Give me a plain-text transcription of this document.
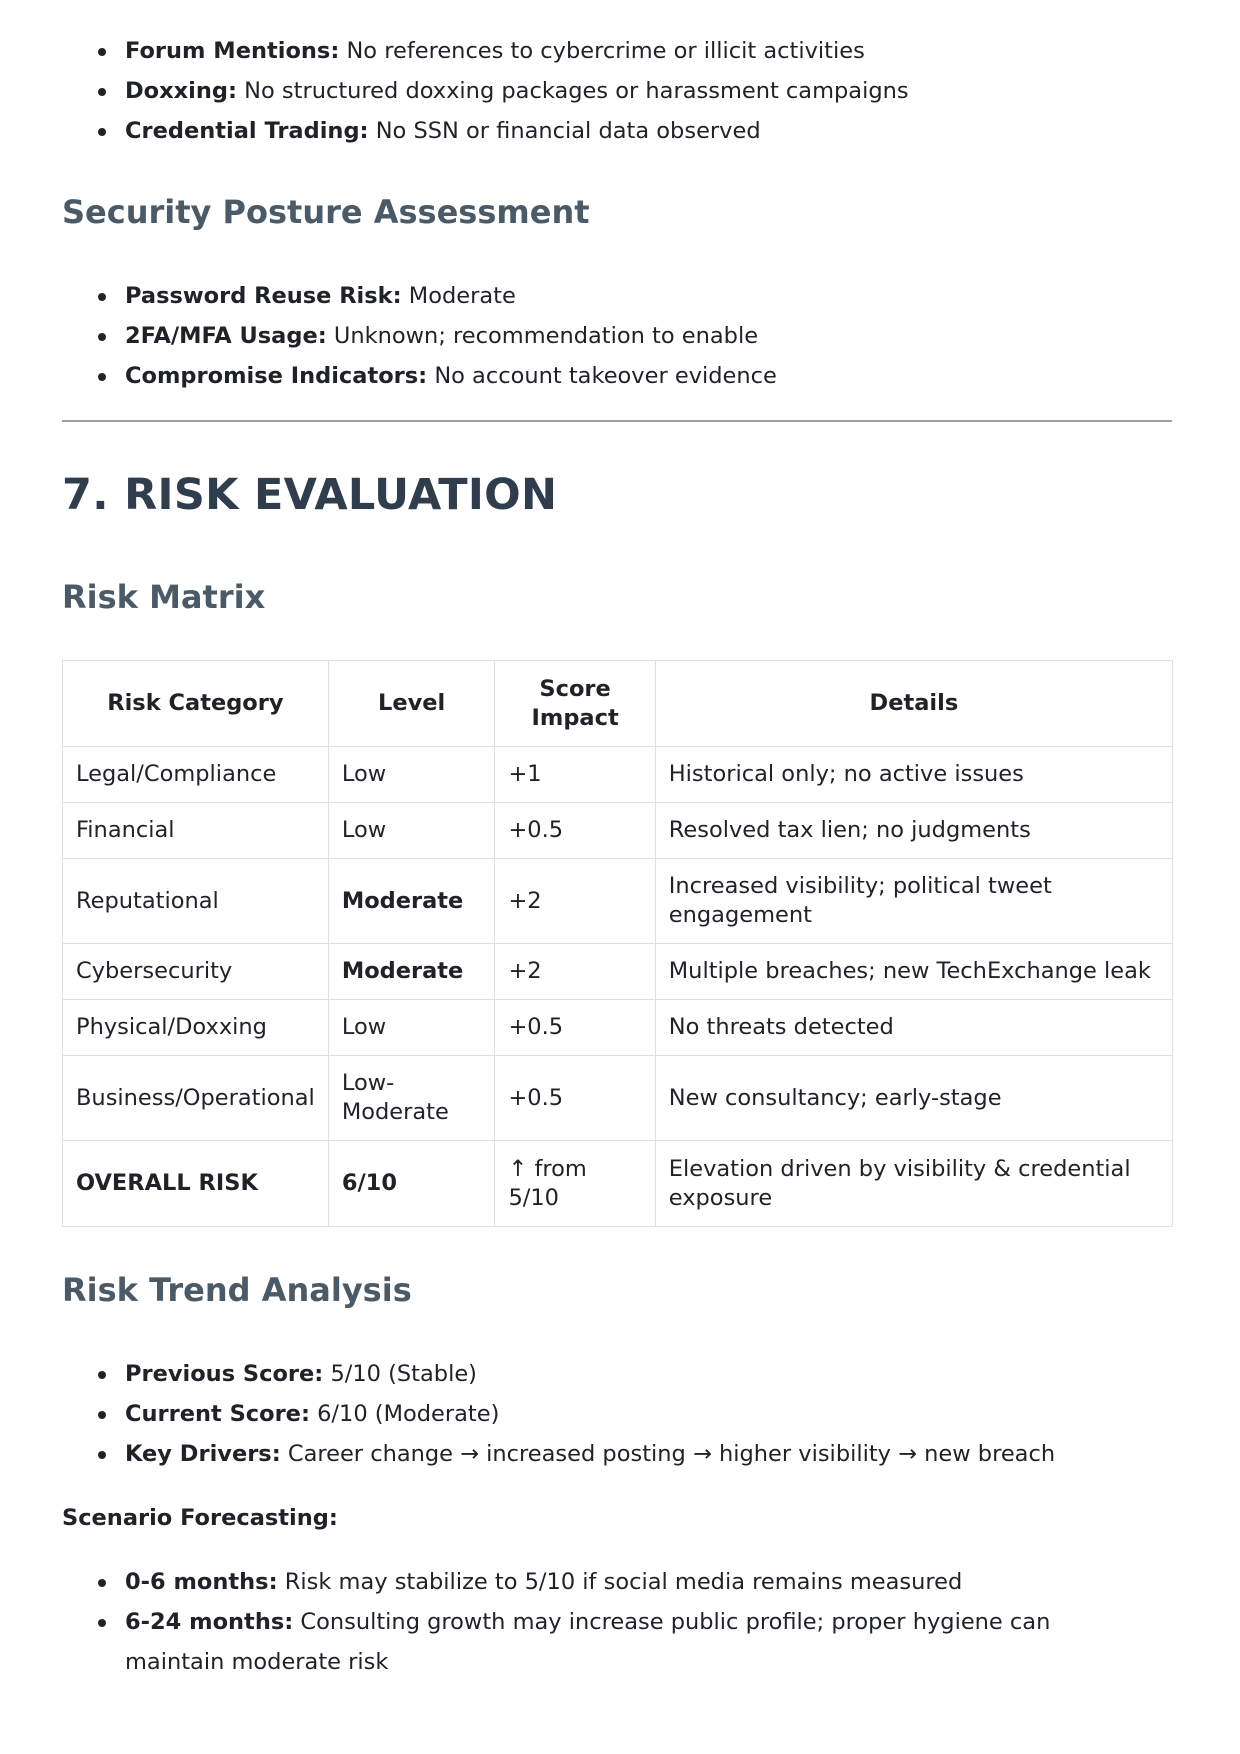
Forum Mentions: No references to cybercrime or illicit activities
Doxxing: No structured doxxing packages or harassment campaigns
Credential Trading: No SSN or financial data observed
Security Posture Assessment
Password Reuse Risk: Moderate
2FA/MFA Usage: Unknown; recommendation to enable
Compromise Indicators: No account takeover evidence
7. RISK EVALUATION
Risk Matrix
Risk Category	Level	Score Impact	Details
Legal/Compliance	Low	+1	Historical only; no active issues
Financial	Low	+0.5	Resolved tax lien; no judgments
Reputational	Moderate	+2	Increased visibility; political tweet engagement
Cybersecurity	Moderate	+2	Multiple breaches; new TechExchange leak
Physical/Doxxing	Low	+0.5	No threats detected
Business/Operational	Low-Moderate	+0.5	New consultancy; early-stage
OVERALL RISK	6/10	↑ from 5/10	Elevation driven by visibility & credential exposure
Risk Trend Analysis
Previous Score: 5/10 (Stable)
Current Score: 6/10 (Moderate)
Key Drivers: Career change → increased posting → higher visibility → new breach

Scenario Forecasting:

0-6 months: Risk may stabilize to 5/10 if social media remains measured
6-24 months: Consulting growth may increase public profile; proper hygiene can maintain moderate risk
